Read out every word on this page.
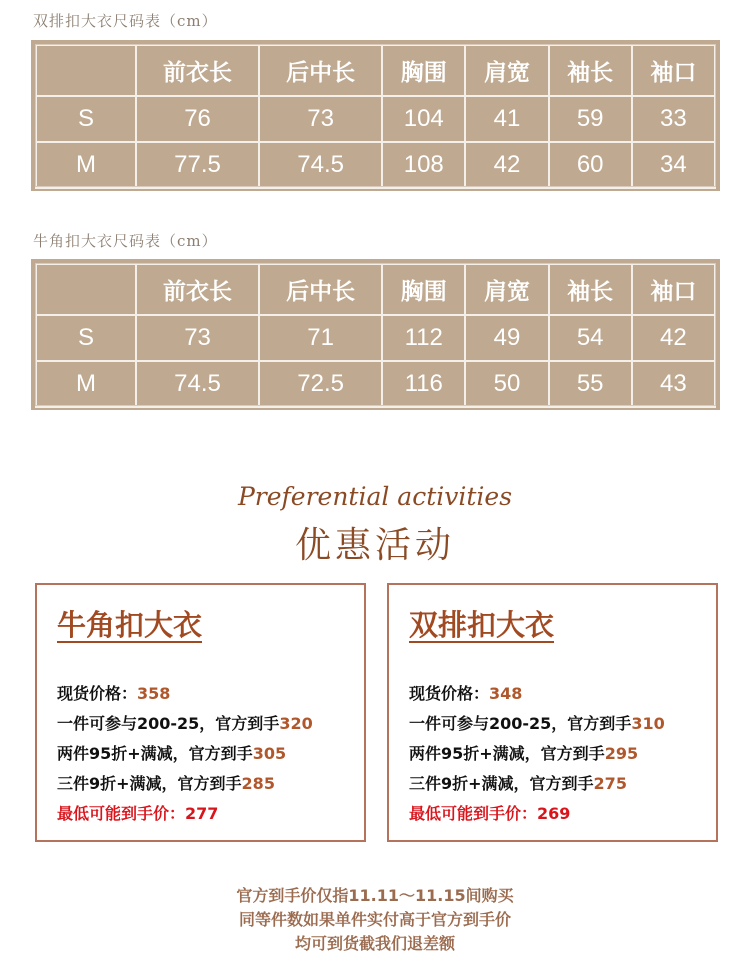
双排扣大衣尺码表（cm）
	前衣长	后中长	胸围	肩宽	袖长	袖口
S	76	73	104	41	59	33
M	77.5	74.5	108	42	60	34
牛角扣大衣尺码表（cm）
	前衣长	后中长	胸围	肩宽	袖长	袖口
S	73	71	112	49	54	42
M	74.5	72.5	116	50	55	43
Preferential activities
优惠活动
牛角扣大衣
现货价格：358
一件可参与200-25，官方到手320
两件95折+满减，官方到手305
三件9折+满减，官方到手285
最低可能到手价：277
双排扣大衣
现货价格：348
一件可参与200-25，官方到手310
两件95折+满减，官方到手295
三件9折+满减，官方到手275
最低可能到手价：269
官方到手价仅指11.11～11.15间购买
同等件数如果单件实付高于官方到手价
均可到货截我们退差额
